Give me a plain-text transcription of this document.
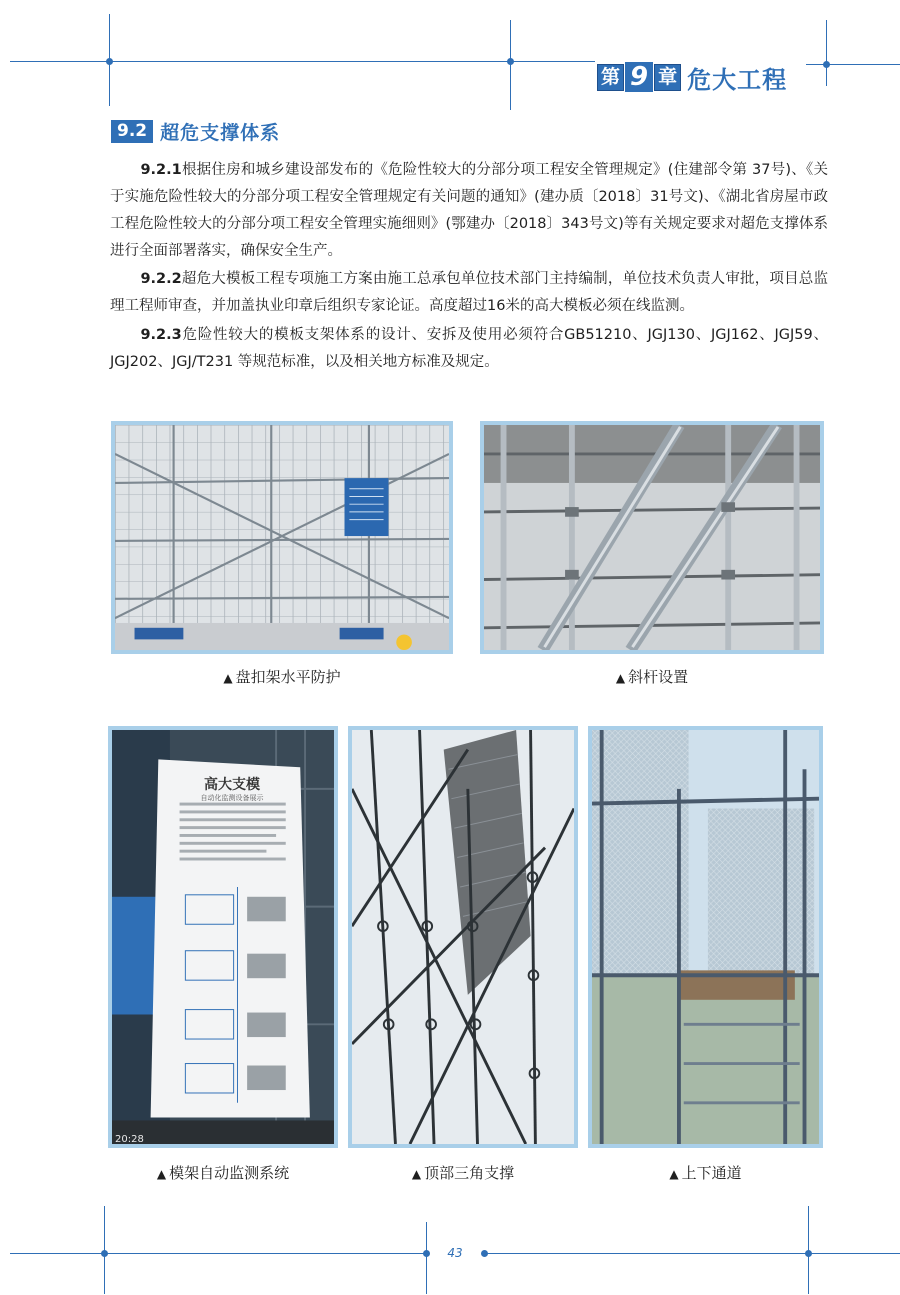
第 9 章 危大工程
9.2 超危支撑体系

9.2.1根据住房和城乡建设部发布的《危险性较大的分部分项工程安全管理规定》(住建部令第 37号)、《关于实施危险性较大的分部分项工程安全管理规定有关问题的通知》(建办质〔2018〕31号文)、《湖北省房屋市政工程危险性较大的分部分项工程安全管理实施细则》(鄂建办〔2018〕343号文)等有关规定要求对超危支撑体系进行全面部署落实，确保安全生产。

9.2.2超危大模板工程专项施工方案由施工总承包单位技术部门主持编制，单位技术负责人审批，项目总监理工程师审查，并加盖执业印章后组织专家论证。高度超过16米的高大模板必须在线监测。

9.2.3危险性较大的模板支架体系的设计、安拆及使用必须符合GB51210、JGJ130、JGJ162、JGJ59、JGJ202、JGJ/T231 等规范标准，以及相关地方标准及规定。

▲ 盘扣架水平防护	▲ 斜杆设置
高大支模
自动化监测设备展示
20:28
▲ 模架自动监测系统	▲ 顶部三角支撑	▲ 上下通道
43
